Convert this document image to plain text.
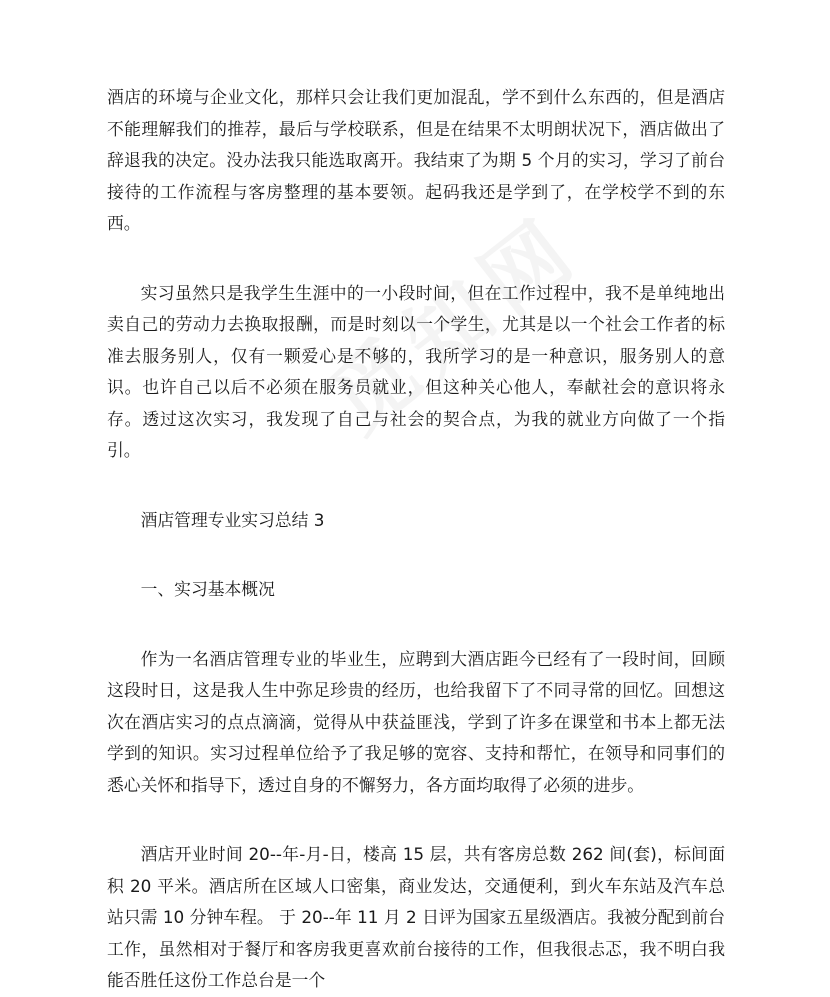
酒店的环境与企业文化，那样只会让我们更加混乱，学不到什么东西的，但是酒店不能理解我们的推荐，最后与学校联系，但是在结果不太明朗状况下，酒店做出了辞退我的决定。没办法我只能选取离开。我结束了为期 5 个月的实习，学习了前台接待的工作流程与客房整理的基本要领。起码我还是学到了，在学校学不到的东西。

实习虽然只是我学生生涯中的一小段时间，但在工作过程中，我不是单纯地出卖自己的劳动力去换取报酬，而是时刻以一个学生，尤其是以一个社会工作者的标准去服务别人，仅有一颗爱心是不够的，我所学习的是一种意识，服务别人的意识。也许自己以后不必须在服务员就业，但这种关心他人，奉献社会的意识将永存。透过这次实习，我发现了自己与社会的契合点，为我的就业方向做了一个指引。

酒店管理专业实习总结 3

一、实习基本概况

作为一名酒店管理专业的毕业生，应聘到大酒店距今已经有了一段时间，回顾这段时日，这是我人生中弥足珍贵的经历，也给我留下了不同寻常的回忆。回想这次在酒店实习的点点滴滴，觉得从中获益匪浅，学到了许多在课堂和书本上都无法学到的知识。实习过程单位给予了我足够的宽容、支持和帮忙，在领导和同事们的悉心关怀和指导下，透过自身的不懈努力，各方面均取得了必须的进步。

酒店开业时间 20--年-月-日，楼高 15 层，共有客房总数 262 间(套)，标间面积 20 平米。酒店所在区域人口密集，商业发达，交通便利，到火车东站及汽车总站只需 10 分钟车程。 于 20--年 11 月 2 日评为国家五星级酒店。我被分配到前台工作，虽然相对于餐厅和客房我更喜欢前台接待的工作，但我很忐忑，我不明白我能否胜任这份工作总台是一个
